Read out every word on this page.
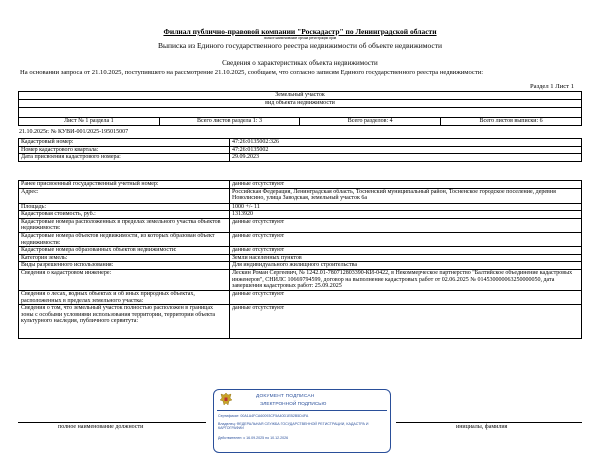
Филиал публично-правовой компании "Роскадастр" по Ленинградской области
полное наименование органа регистрации прав
Выписка из Единого государственного реестра недвижимости об объекте недвижимости
Сведения о характеристиках объекта недвижимости
На основании запроса от 21.10.2025, поступившего на рассмотрение 21.10.2025, сообщаем, что согласно записям Единого государственного реестра недвижимости:
Раздел 1 Лист 1
Земельный участок
вид объекта недвижимости

Лист № 1 раздела 1	Всего листов раздела 1: 3	Всего разделов: 4	Всего листов выписки: 6
21.10.2025г. № КУВИ-001/2025-195015007
Кадастровый номер:	47:26:0135002:326
Номер кадастрового квартала:	47:26:0135002
Дата присвоения кадастрового номера:	29.09.2023
Ранее присвоенный государственный учетный номер:	данные отсутствуют
Адрес:	Российская Федерация, Ленинградская область, Тосненский муниципальный район, Тосненское городское поселение, деревня Новолисино, улица Заводская, земельный участок 6а
Площадь:	1000 +/- 11
Кадастровая стоимость, руб.:	1313920
Кадастровые номера расположенных в пределах земельного участка объектов недвижимости:	данные отсутствуют
Кадастровые номера объектов недвижимости, из которых образован объект недвижимости:	данные отсутствуют
Кадастровые номера образованных объектов недвижимости:	данные отсутствуют
Категория земель:	Земли населенных пунктов
Виды разрешенного использования:	Для индивидуального жилищного строительства
Сведения о кадастровом инженере:	Лескин Роман Сергеевич, № 1242.01-780712803390-КИ-0422, в Некоммерческое партнерство "Балтийское объединение кадастровых инженеров", СНИЛС 10669794599, договор на выполнение кадастровых работ от 02.06.2025 № 014530000063250000050, дата завершения кадастровых работ: 25.09.2025
Сведения о лесах, водных объектах и об иных природных объектах, расположенных в пределах земельного участка:	данные отсутствуют
Сведения о том, что земельный участок полностью расположен в границах зоны с особыми условиями использования территории, территории объекта культурного наследия, публичного сервитута:	данные отсутствуют
полное наименование должности	инициалы, фамилия
ДОКУМЕНТ ПОДПИСАН
ЭЛЕКТРОННОЙ ПОДПИСЬЮ
Сертификат: 00A1A4FCA60093CF5A40D1EB2B5D4FA
Владелец: ФЕДЕРАЛЬНАЯ СЛУЖБА ГОСУДАРСТВЕННОЙ РЕГИСТРАЦИИ, КАДАСТРА И КАРТОГРАФИИ
Действителен: с 16.09.2025 по 10.12.2026
